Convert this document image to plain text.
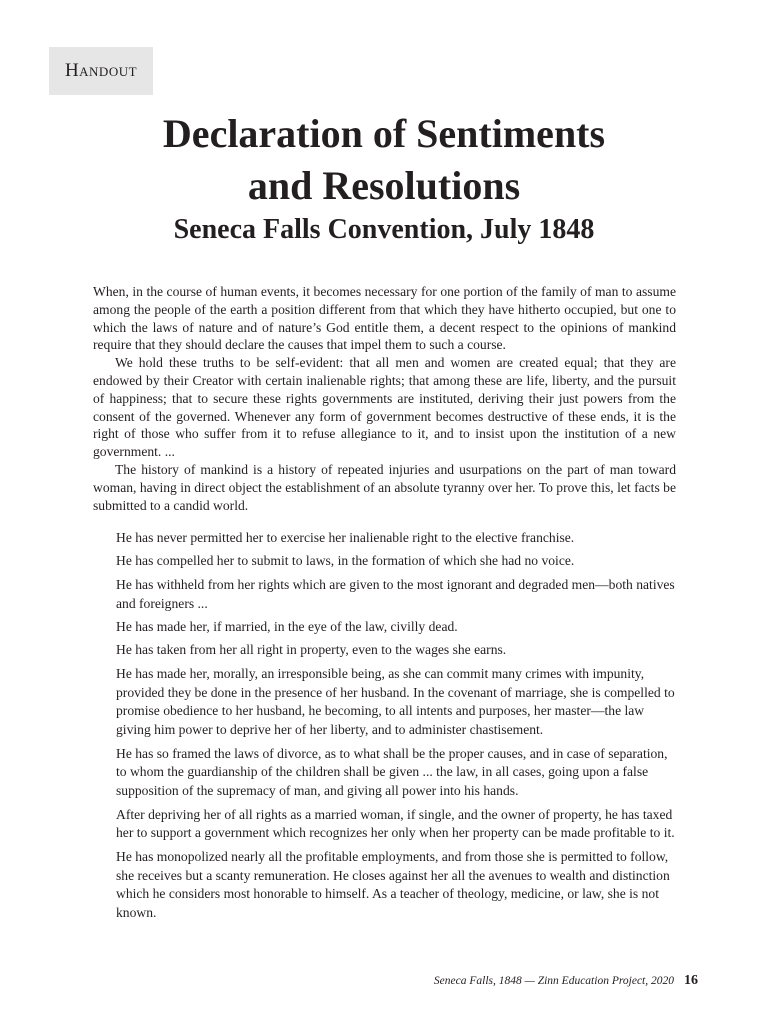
Handout
Declaration of Sentiments
and Resolutions
Seneca Falls Convention, July 1848

When, in the course of human events, it becomes necessary for one portion of the family of man to assume among the people of the earth a position different from that which they have hitherto occupied, but one to which the laws of nature and of nature’s God entitle them, a decent respect to the opinions of mankind require that they should declare the causes that impel them to such a course.

We hold these truths to be self-evident: that all men and women are created equal; that they are endowed by their Creator with certain inalienable rights; that among these are life, liberty, and the pursuit of happiness; that to secure these rights governments are instituted, deriving their just powers from the consent of the governed. Whenever any form of government becomes destructive of these ends, it is the right of those who suffer from it to refuse allegiance to it, and to insist upon the institution of a new government. ...

The history of mankind is a history of repeated injuries and usurpations on the part of man toward woman, having in direct object the establishment of an absolute tyranny over her. To prove this, let facts be submitted to a candid world.

He has never permitted her to exercise her inalienable right to the elective franchise.

He has compelled her to submit to laws, in the formation of which she had no voice.

He has withheld from her rights which are given to the most ignorant and degraded men—both natives and foreigners ...

He has made her, if married, in the eye of the law, civilly dead.

He has taken from her all right in property, even to the wages she earns.

He has made her, morally, an irresponsible being, as she can commit many crimes with impunity, provided they be done in the presence of her husband. In the covenant of marriage, she is compelled to promise obedience to her husband, he becoming, to all intents and purposes, her master—the law giving him power to deprive her of her liberty, and to administer chastisement.

He has so framed the laws of divorce, as to what shall be the proper causes, and in case of separation, to whom the guardianship of the children shall be given ... the law, in all cases, going upon a false supposition of the supremacy of man, and giving all power into his hands.

After depriving her of all rights as a married woman, if single, and the owner of property, he has taxed her to support a government which recognizes her only when her property can be made profitable to it.

He has monopolized nearly all the profitable employments, and from those she is permitted to follow, she receives but a scanty remuneration. He closes against her all the avenues to wealth and distinction which he considers most honorable to himself. As a teacher of theology, medicine, or law, she is not known.

Seneca Falls, 1848 — Zinn Education Project, 2020 16
